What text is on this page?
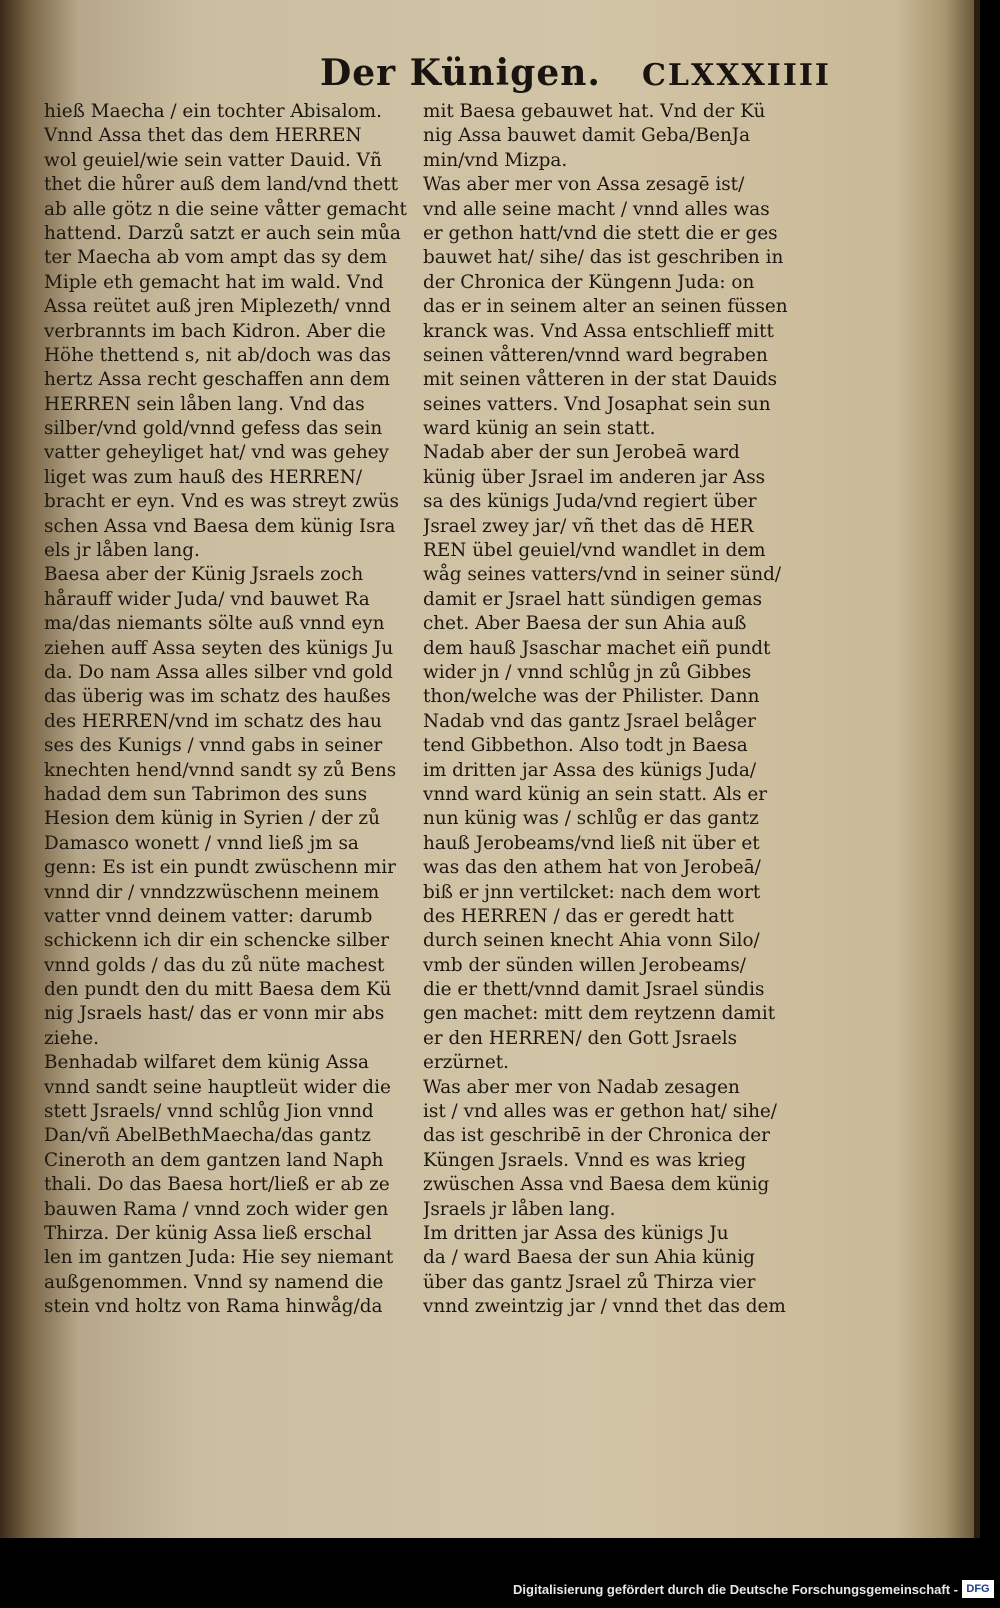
Der Künigen. CLXXXIIII
hieß Maecha / ein tochter Abisalom.
Vnnd Assa thet das dem HERREN
wol geuiel/wie sein vatter Dauid. Vñ
thet die hůrer auß dem land/vnd thett
ab alle götz n die seine våtter gemacht
hattend. Darzů satzt er auch sein můa
ter Maecha ab vom ampt das sy dem
Miple eth gemacht hat im wald. Vnd
Assa reütet auß jren Miplezeth/ vnnd
verbrannts im bach Kidron. Aber die
Höhe thettend s, nit ab/doch was das
hertz Assa recht geschaffen ann dem
HERREN sein låben lang. Vnd das
silber/vnd gold/vnnd gefess das sein
vatter geheyliget hat/ vnd was gehey
liget was zum hauß des HERREN/
bracht er eyn. Vnd es was streyt zwüs
schen Assa vnd Baesa dem künig Isra
els jr låben lang.
Baesa aber der Künig Jsraels zoch
hårauff wider Juda/ vnd bauwet Ra
ma/das niemants sölte auß vnnd eyn
ziehen auff Assa seyten des künigs Ju
da. Do nam Assa alles silber vnd gold
das überig was im schatz des haußes
des HERREN/vnd im schatz des hau
ses des Kunigs / vnnd gabs in seiner
knechten hend/vnnd sandt sy zů Bens
hadad dem sun Tabrimon des suns
Hesion dem künig in Syrien / der zů
Damasco wonett / vnnd ließ jm sa
genn: Es ist ein pundt zwüschenn mir
vnnd dir / vnndzzwüschenn meinem
vatter vnnd deinem vatter: darumb
schickenn ich dir ein schencke silber
vnnd golds / das du zů nüte machest
den pundt den du mitt Baesa dem Kü
nig Jsraels hast/ das er vonn mir abs
ziehe.
Benhadab wilfaret dem künig Assa
vnnd sandt seine hauptleüt wider die
stett Jsraels/ vnnd schlůg Jion vnnd
Dan/vñ AbelBethMaecha/das gantz
Cineroth an dem gantzen land Naph
thali. Do das Baesa hort/ließ er ab ze
bauwen Rama / vnnd zoch wider gen
Thirza. Der künig Assa ließ erschal
len im gantzen Juda: Hie sey niemant
außgenommen. Vnnd sy namend die
stein vnd holtz von Rama hinwåg/da
mit Baesa gebauwet hat. Vnd der Kü
nig Assa bauwet damit Geba/BenJa
min/vnd Mizpa.
Was aber mer von Assa zesagē ist/
vnd alle seine macht / vnnd alles was
er gethon hatt/vnd die stett die er ges
bauwet hat/ sihe/ das ist geschriben in
der Chronica der Küngenn Juda: on
das er in seinem alter an seinen füssen
kranck was. Vnd Assa entschlieff mitt
seinen våtteren/vnnd ward begraben
mit seinen våtteren in der stat Dauids
seines vatters. Vnd Josaphat sein sun
ward künig an sein statt.
Nadab aber der sun Jerobeā ward
künig über Jsrael im anderen jar Ass
sa des künigs Juda/vnd regiert über
Jsrael zwey jar/ vñ thet das dē HER
REN übel geuiel/vnd wandlet in dem
wåg seines vatters/vnd in seiner sünd/
damit er Jsrael hatt sündigen gemas
chet. Aber Baesa der sun Ahia auß
dem hauß Jsaschar machet eiñ pundt
wider jn / vnnd schlůg jn zů Gibbes
thon/welche was der Philister. Dann
Nadab vnd das gantz Jsrael belåger
tend Gibbethon. Also todt jn Baesa
im dritten jar Assa des künigs Juda/
vnnd ward künig an sein statt. Als er
nun künig was / schlůg er das gantz
hauß Jerobeams/vnd ließ nit über et
was das den athem hat von Jerobeā/
biß er jnn vertilcket: nach dem wort
des HERREN / das er geredt hatt
durch seinen knecht Ahia vonn Silo/
vmb der sünden willen Jerobeams/
die er thett/vnnd damit Jsrael sündis
gen machet: mitt dem reytzenn damit
er den HERREN/ den Gott Jsraels
erzürnet.
Was aber mer von Nadab zesagen
ist / vnd alles was er gethon hat/ sihe/
das ist geschribē in der Chronica der
Küngen Jsraels. Vnnd es was krieg
zwüschen Assa vnd Baesa dem künig
Jsraels jr låben lang.
Im dritten jar Assa des künigs Ju
da / ward Baesa der sun Ahia künig
über das gantz Jsrael zů Thirza vier
vnnd zweintzig jar / vnnd thet das dem
Digitalisierung gefördert durch die Deutsche Forschungsgemeinschaft - DFG
